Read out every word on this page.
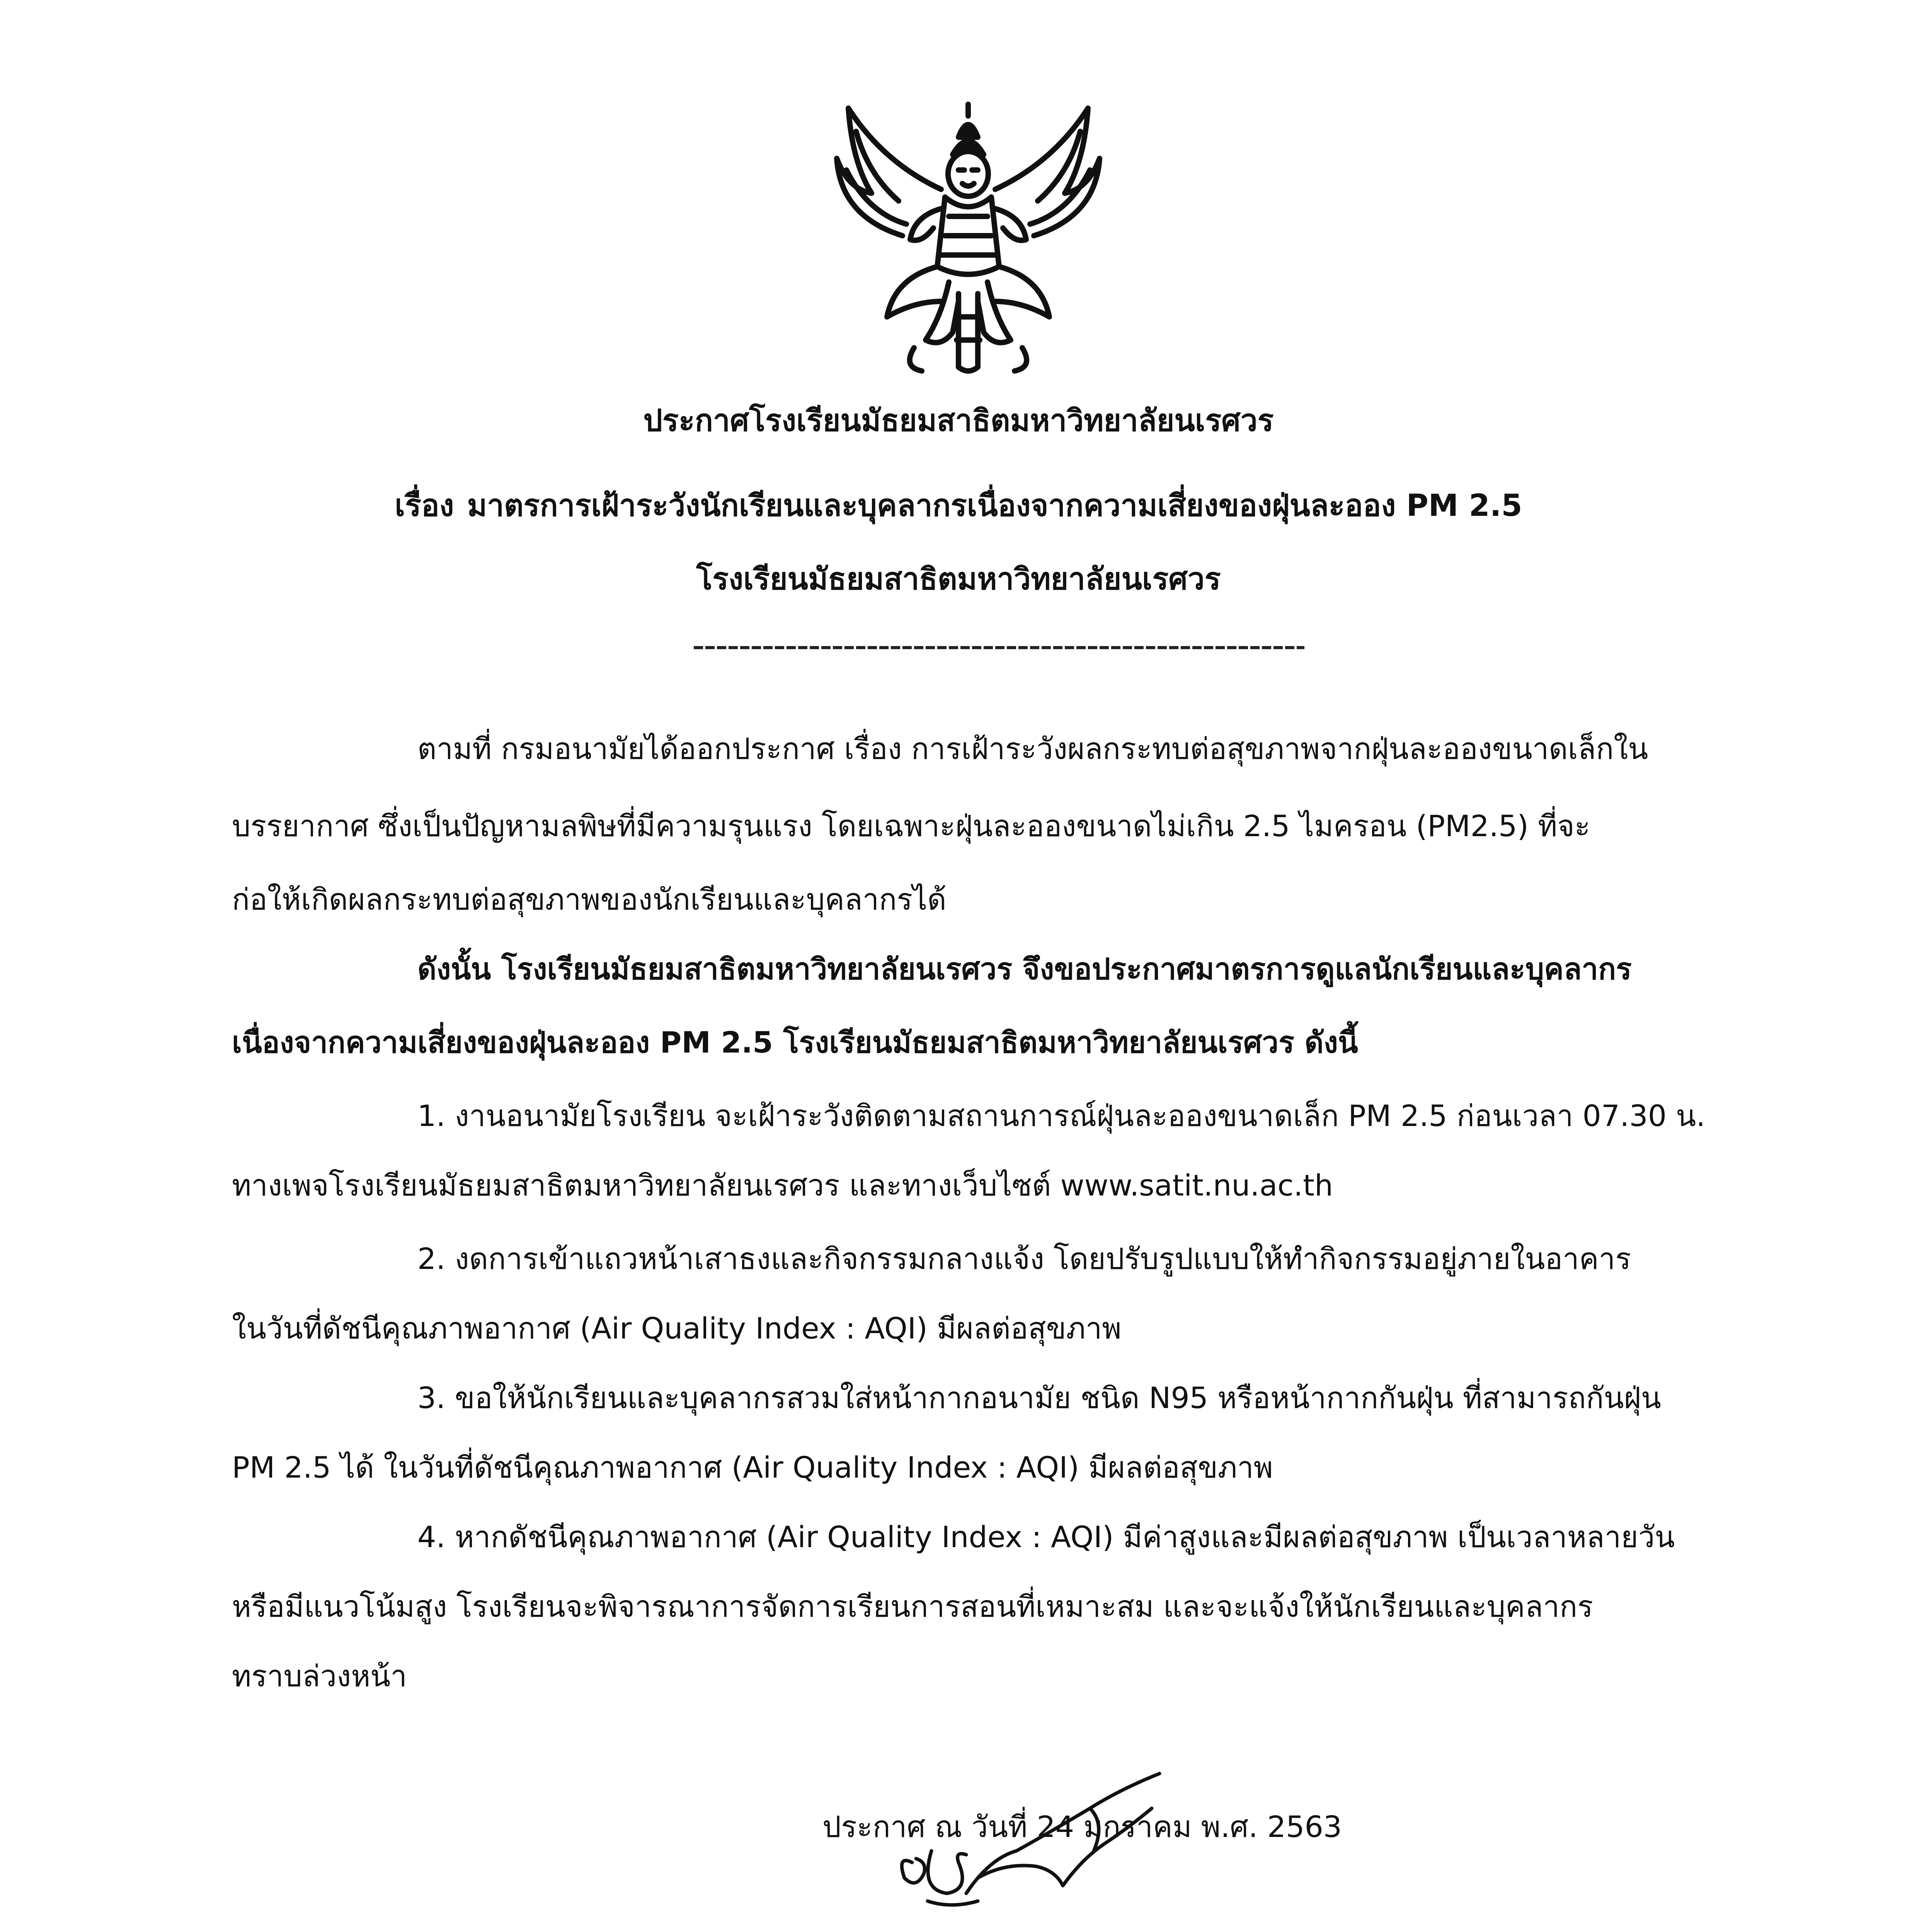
ประกาศโรงเรียนมัธยมสาธิตมหาวิทยาลัยนเรศวร
เรื่อง มาตรการเฝ้าระวังนักเรียนและบุคลากรเนื่องจากความเสี่ยงของฝุ่นละออง PM 2.5
โรงเรียนมัธยมสาธิตมหาวิทยาลัยนเรศวร
ตามที่ กรมอนามัยได้ออกประกาศ เรื่อง การเฝ้าระวังผลกระทบต่อสุขภาพจากฝุ่นละอองขนาดเล็กใน
บรรยากาศ ซึ่งเป็นปัญหามลพิษที่มีความรุนแรง โดยเฉพาะฝุ่นละอองขนาดไม่เกิน 2.5 ไมครอน (PM2.5) ที่จะ
ก่อให้เกิดผลกระทบต่อสุขภาพของนักเรียนและบุคลากรได้
ดังนั้น โรงเรียนมัธยมสาธิตมหาวิทยาลัยนเรศวร จึงขอประกาศมาตรการดูแลนักเรียนและบุคลากร
เนื่องจากความเสี่ยงของฝุ่นละออง PM 2.5 โรงเรียนมัธยมสาธิตมหาวิทยาลัยนเรศวร ดังนี้
1. งานอนามัยโรงเรียน จะเฝ้าระวังติดตามสถานการณ์ฝุ่นละอองขนาดเล็ก PM 2.5 ก่อนเวลา 07.30 น.
ทางเพจโรงเรียนมัธยมสาธิตมหาวิทยาลัยนเรศวร และทางเว็บไซต์ www.satit.nu.ac.th
2. งดการเข้าแถวหน้าเสาธงและกิจกรรมกลางแจ้ง โดยปรับรูปแบบให้ทำกิจกรรมอยู่ภายในอาคาร
ในวันที่ดัชนีคุณภาพอากาศ (Air Quality Index : AQI) มีผลต่อสุขภาพ
3. ขอให้นักเรียนและบุคลากรสวมใส่หน้ากากอนามัย ชนิด N95 หรือหน้ากากกันฝุ่น ที่สามารถกันฝุ่น
PM 2.5 ได้ ในวันที่ดัชนีคุณภาพอากาศ (Air Quality Index : AQI) มีผลต่อสุขภาพ
4. หากดัชนีคุณภาพอากาศ (Air Quality Index : AQI) มีค่าสูงและมีผลต่อสุขภาพ เป็นเวลาหลายวัน
หรือมีแนวโน้มสูง โรงเรียนจะพิจารณาการจัดการเรียนการสอนที่เหมาะสม และจะแจ้งให้นักเรียนและบุคลากร
ทราบล่วงหน้า
ประกาศ ณ วันที่ 24 มกราคม พ.ศ. 2563
